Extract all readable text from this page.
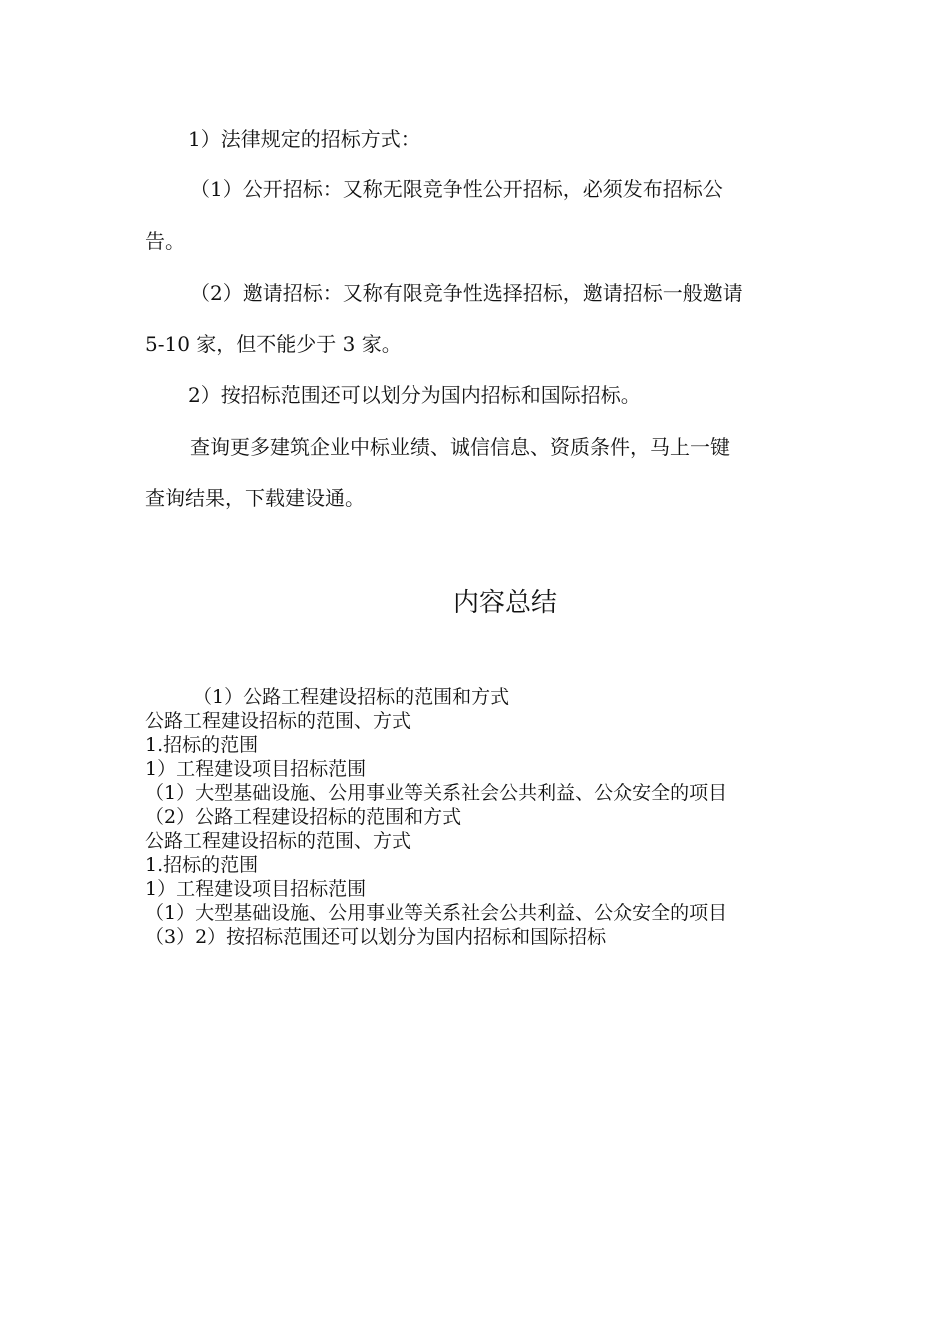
1）法律规定的招标方式：

（1）公开招标：又称无限竞争性公开招标，必须发布招标公

告。

（2）邀请招标：又称有限竞争性选择招标，邀请招标一般邀请

5-10 家，但不能少于 3 家。

2）按招标范围还可以划分为国内招标和国际招标。

查询更多建筑企业中标业绩、诚信信息、资质条件，马上一键

查询结果，下载建设通。

内容总结
（1）公路工程建设招标的范围和方式
公路工程建设招标的范围、方式
1.招标的范围
1）工程建设项目招标范围
（1）大型基础设施、公用事业等关系社会公共利益、公众安全的项目
（2）公路工程建设招标的范围和方式
公路工程建设招标的范围、方式
1.招标的范围
1）工程建设项目招标范围
（1）大型基础设施、公用事业等关系社会公共利益、公众安全的项目
（3）2）按招标范围还可以划分为国内招标和国际招标
